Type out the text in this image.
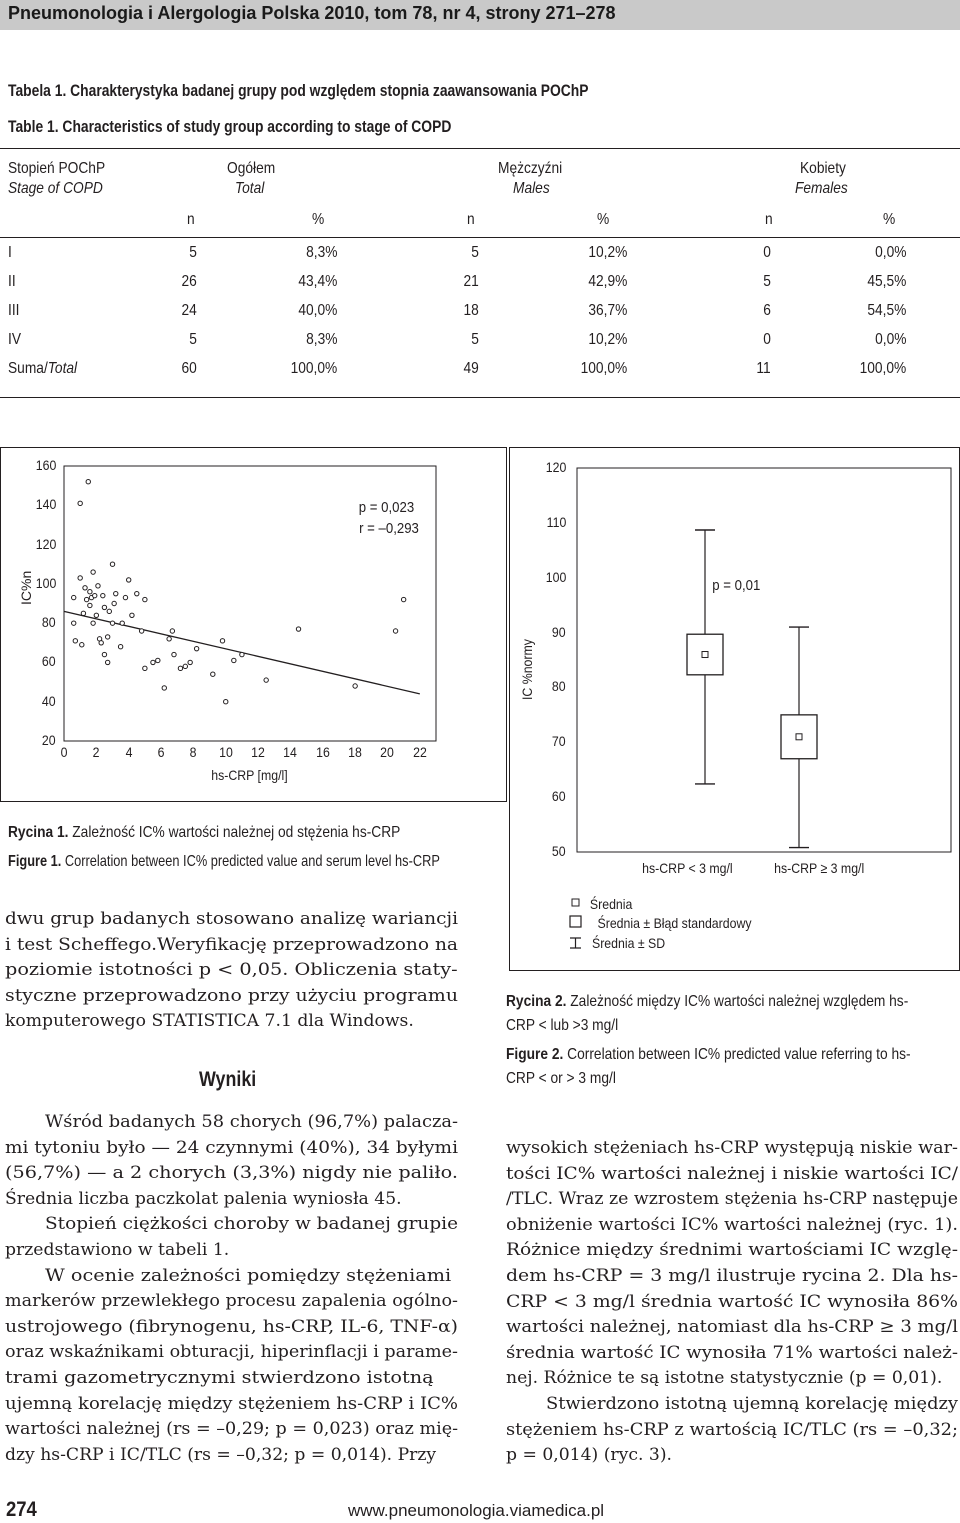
Pneumonologia i Alergologia Polska 2010, tom 78, nr 4, strony 271–278
Tabela 1. Charakterystyka badanej grupy pod względem stopnia zaawansowania POChP
Table 1. Characteristics of study group according to stage of COPD
Stopień POChP
Stage of COPD
Ogółem
Total
Mężczyźni
Males
Kobiety
Females
n	%	n	%	n	%
I	5	8,3%	5	10,2%	0	0,0%
II	26	43,4%	21	42,9%	5	45,5%
III	24	40,0%	18	36,7%	6	54,5%
IV	5	8,3%	5	10,2%	0	0,0%
Suma/Total	60	100,0%	49	100,0%	11	100,0%
p = 0,023
r = –0,293
IC%n
hs-CRP [mg/l]
160
140
120
100
80
60
40
20
0	2	4	6	8	10 12 14 16 18 20 22
Rycina 1. Zależność IC% wartości należnej od stężenia hs-CRP
Figure 1. Correlation between IC% predicted value and serum level hs-CRP
IC %normy
p = 0,01
hs-CRP < 3 mg/l	hs-CRP ≥ 3 mg/l
Średnia
Średnia ± Błąd standardowy
Średnia ± SD
120
110
100
90
80
70
60
50
Rycina 2. Zależność między IC% wartości należnej względem hs-
CRP < lub >3 mg/l
Figure 2. Correlation between IC% predicted value referring to hs-
CRP < or > 3 mg/l
dwu grup badanych stosowano analizę wariancji
i test Scheffego.Weryfikację przeprowadzono na
poziomie istotności p < 0,05. Obliczenia staty-
styczne przeprowadzono przy użyciu programu
komputerowego STATISTICA 7.1 dla Windows.
Wyniki
Wśród badanych 58 chorych (96,7%) palacza-
mi tytoniu było — 24 czynnymi (40%), 34 byłymi
(56,7%) — a 2 chorych (3,3%) nigdy nie paliło.
Średnia liczba paczkolat palenia wyniosła 45.
Stopień ciężkości choroby w badanej grupie
przedstawiono w tabeli 1.
W ocenie zależności pomiędzy stężeniami
markerów przewlekłego procesu zapalenia ogólno-
ustrojowego (fibrynogenu, hs-CRP, IL-6, TNF-α)
oraz wskaźnikami obturacji, hiperinflacji i parame-
trami gazometrycznymi stwierdzono istotną
ujemną korelację między stężeniem hs-CRP i IC%
wartości należnej (rs = –0,29; p = 0,023) oraz mię-
dzy hs-CRP i IC/TLC (rs = –0,32; p = 0,014). Przy
wysokich stężeniach hs-CRP występują niskie war-
tości IC% wartości należnej i niskie wartości IC/
/TLC. Wraz ze wzrostem stężenia hs-CRP następuje
obniżenie wartości IC% wartości należnej (ryc. 1).
Różnice między średnimi wartościami IC wzglę-
dem hs-CRP = 3 mg/l ilustruje rycina 2. Dla hs-
CRP < 3 mg/l średnia wartość IC wynosiła 86%
wartości należnej, natomiast dla hs-CRP ≥ 3 mg/l
średnia wartość IC wynosiła 71% wartości należ-
nej. Różnice te są istotne statystycznie (p = 0,01).
Stwierdzono istotną ujemną korelację między
stężeniem hs-CRP z wartością IC/TLC (rs = –0,32;
p = 0,014) (ryc. 3).
274	www.pneumonologia.viamedica.pl
